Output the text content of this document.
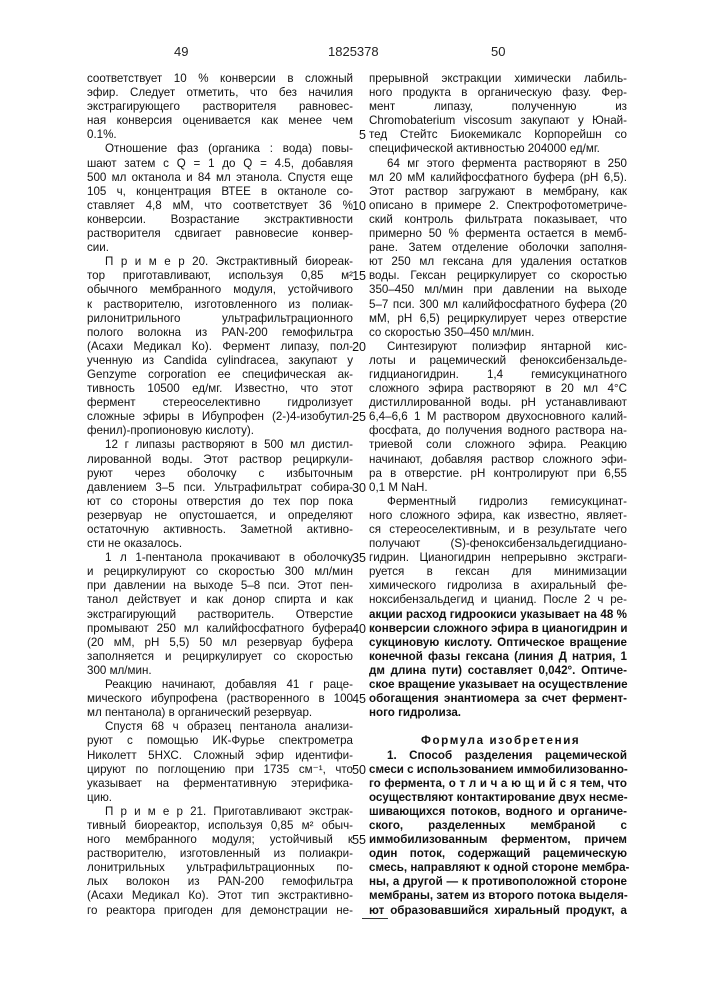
49	1825378	50
соответствует 10 % конверсии в сложный
эфир. Следует отметить, что без начилия
экстрагирующего растворителя равновес-
ная конверсия оценивается как менее чем
0.1%.
Отношение фаз (органика : вода) повы-
шают затем с Q = 1 до Q = 4.5, добавляя
500 мл октанола и 84 мл этанола. Спустя еще
105 ч, концентрация ВТЕЕ в октаноле со-
ставляет 4,8 мМ, что соответствует 36 %
конверсии. Возрастание экстрактивности
растворителя сдвигает равновесие конвер-
сии.
П р и м е р 20. Экстрактивный биореак-
тор приготавливают, используя 0,85 м²
обычного мембранного модуля, устойчивого
к растворителю, изготовленного из полиак-
рилонитрильного ультрафильтрационного
полого волокна из PAN-200 гемофильтра
(Асахи Медикал Ко). Фермент липазу, пол-
ученную из Candida cylindracea, закупают у
Genzyme corporation ее специфическая ак-
тивность 10500 ед/мг. Известно, что этот
фермент стереоселективно гидролизует
сложные эфиры в Ибупрофен (2-)4-изобутил-
фенил)-пропионовую кислоту).
12 г липазы растворяют в 500 мл дистил-
лированной воды. Этот раствор рециркули-
руют через оболочку с избыточным
давлением 3–5 пси. Ультрафильтрат собира-
ют со стороны отверстия до тех пор пока
резервуар не опустошается, и определяют
остаточную активность. Заметной активно-
сти не оказалось.
1 л 1-пентанола прокачивают в оболочку
и рециркулируют со скоростью 300 мл/мин
при давлении на выходе 5–8 пси. Этот пен-
танол действует и как донор спирта и как
экстрагирующий растворитель. Отверстие
промывают 250 мл калийфосфатного буфера
(20 мМ, рН 5,5) 50 мл резервуар буфера
заполняется и рециркулирует со скоростью
300 мл/мин.
Реакцию начинают, добавляя 41 г раце-
мического ибупрофена (растворенного в 100
мл пентанола) в органический резервуар.
Спустя 68 ч образец пентанола анализи-
руют с помощью ИК-Фурье спектрометра
Николетт 5НХС. Сложный эфир идентифи-
цируют по поглощению при 1735 см⁻¹, что
указывает на ферментативную этерифика-
цию.
П р и м е р 21. Приготавливают экстрак-
тивный биореактор, используя 0,85 м² обыч-
ного мембранного модуля; устойчивый к
растворителю, изготовленный из полиакри-
лонитрильных ультрафильтрационных по-
лых волокон из PAN-200 гемофильтра
(Асахи Медикал Ко). Этот тип экстрактивно-
го реактора пригоден для демонстрации не-
5
10
15
20
25
30
35
40
45
50
55
прерывной экстракции химически лабиль-
ного продукта в органическую фазу. Фер-
мент липазу, полученную из
Chromobaterium viscosum закупают у Юнай-
тед Стейтс Биокемикалс Корпорейшн со
специфической активностью 204000 ед/мг.
64 мг этого фермента растворяют в 250
мл 20 мМ калийфосфатного буфера (рН 6,5).
Этот раствор загружают в мембрану, как
описано в примере 2. Спектрофотометриче-
ский контроль фильтрата показывает, что
примерно 50 % фермента остается в мемб-
ране. Затем отделение оболочки заполня-
ют 250 мл гексана для удаления остатков
воды. Гексан рециркулирует со скоростью
350–450 мл/мин при давлении на выходе
5–7 пси. 300 мл калийфосфатного буфера (20
мМ, рН 6,5) рециркулирует через отверстие
со скоростью 350–450 мл/мин.
Синтезируют полиэфир янтарной кис-
лоты и рацемический феноксибензальде-
гидцианогидрин. 1,4 гемисукцинатного
сложного эфира растворяют в 20 мл 4°С
дистиллированной воды. рН устанавливают
6,4–6,6 1 М раствором двухосновного калий-
фосфата, до получения водного раствора на-
триевой соли сложного эфира. Реакцию
начинают, добавляя раствор сложного эфи-
ра в отверстие. рН контролируют при 6,55
0,1 М NaH.
Ферментный гидролиз гемисукцинат-
ного сложного эфира, как известно, являет-
ся стереоселективным, и в результате чего
получают (S)-феноксибензальдегидциано-
гидрин. Цианогидрин непрерывно экстраги-
руется в гексан для минимизации
химического гидролиза в ахиральный фе-
ноксибензальдегид и цианид. После 2 ч ре-
акции расход гидроокиси указывает на 48 %
конверсии сложного эфира в цианогидрин и
сукциновую кислоту. Оптическое вращение
конечной фазы гексана (линия Д натрия, 1
дм длина пути) составляет 0,042°. Оптиче-
ское вращение указывает на осуществление
обогащения энантиомера за счет фермент-
ного гидролиза.
Формула изобретения
1. Способ разделения рацемической
смеси с использованием иммобилизованно-
го фермента, о т л и ч а ю щ и й с я тем, что
осуществляют контактирование двух несме-
шивающихся потоков, водного и органиче-
ского, разделенных мембраной с
иммобилизованным ферментом, причем
один поток, содержащий рацемическую
смесь, направляют к одной стороне мембра-
ны, а другой — к противоположной стороне
мембраны, затем из второго потока выделя-
ют образовавшийся хиральный продукт, а
